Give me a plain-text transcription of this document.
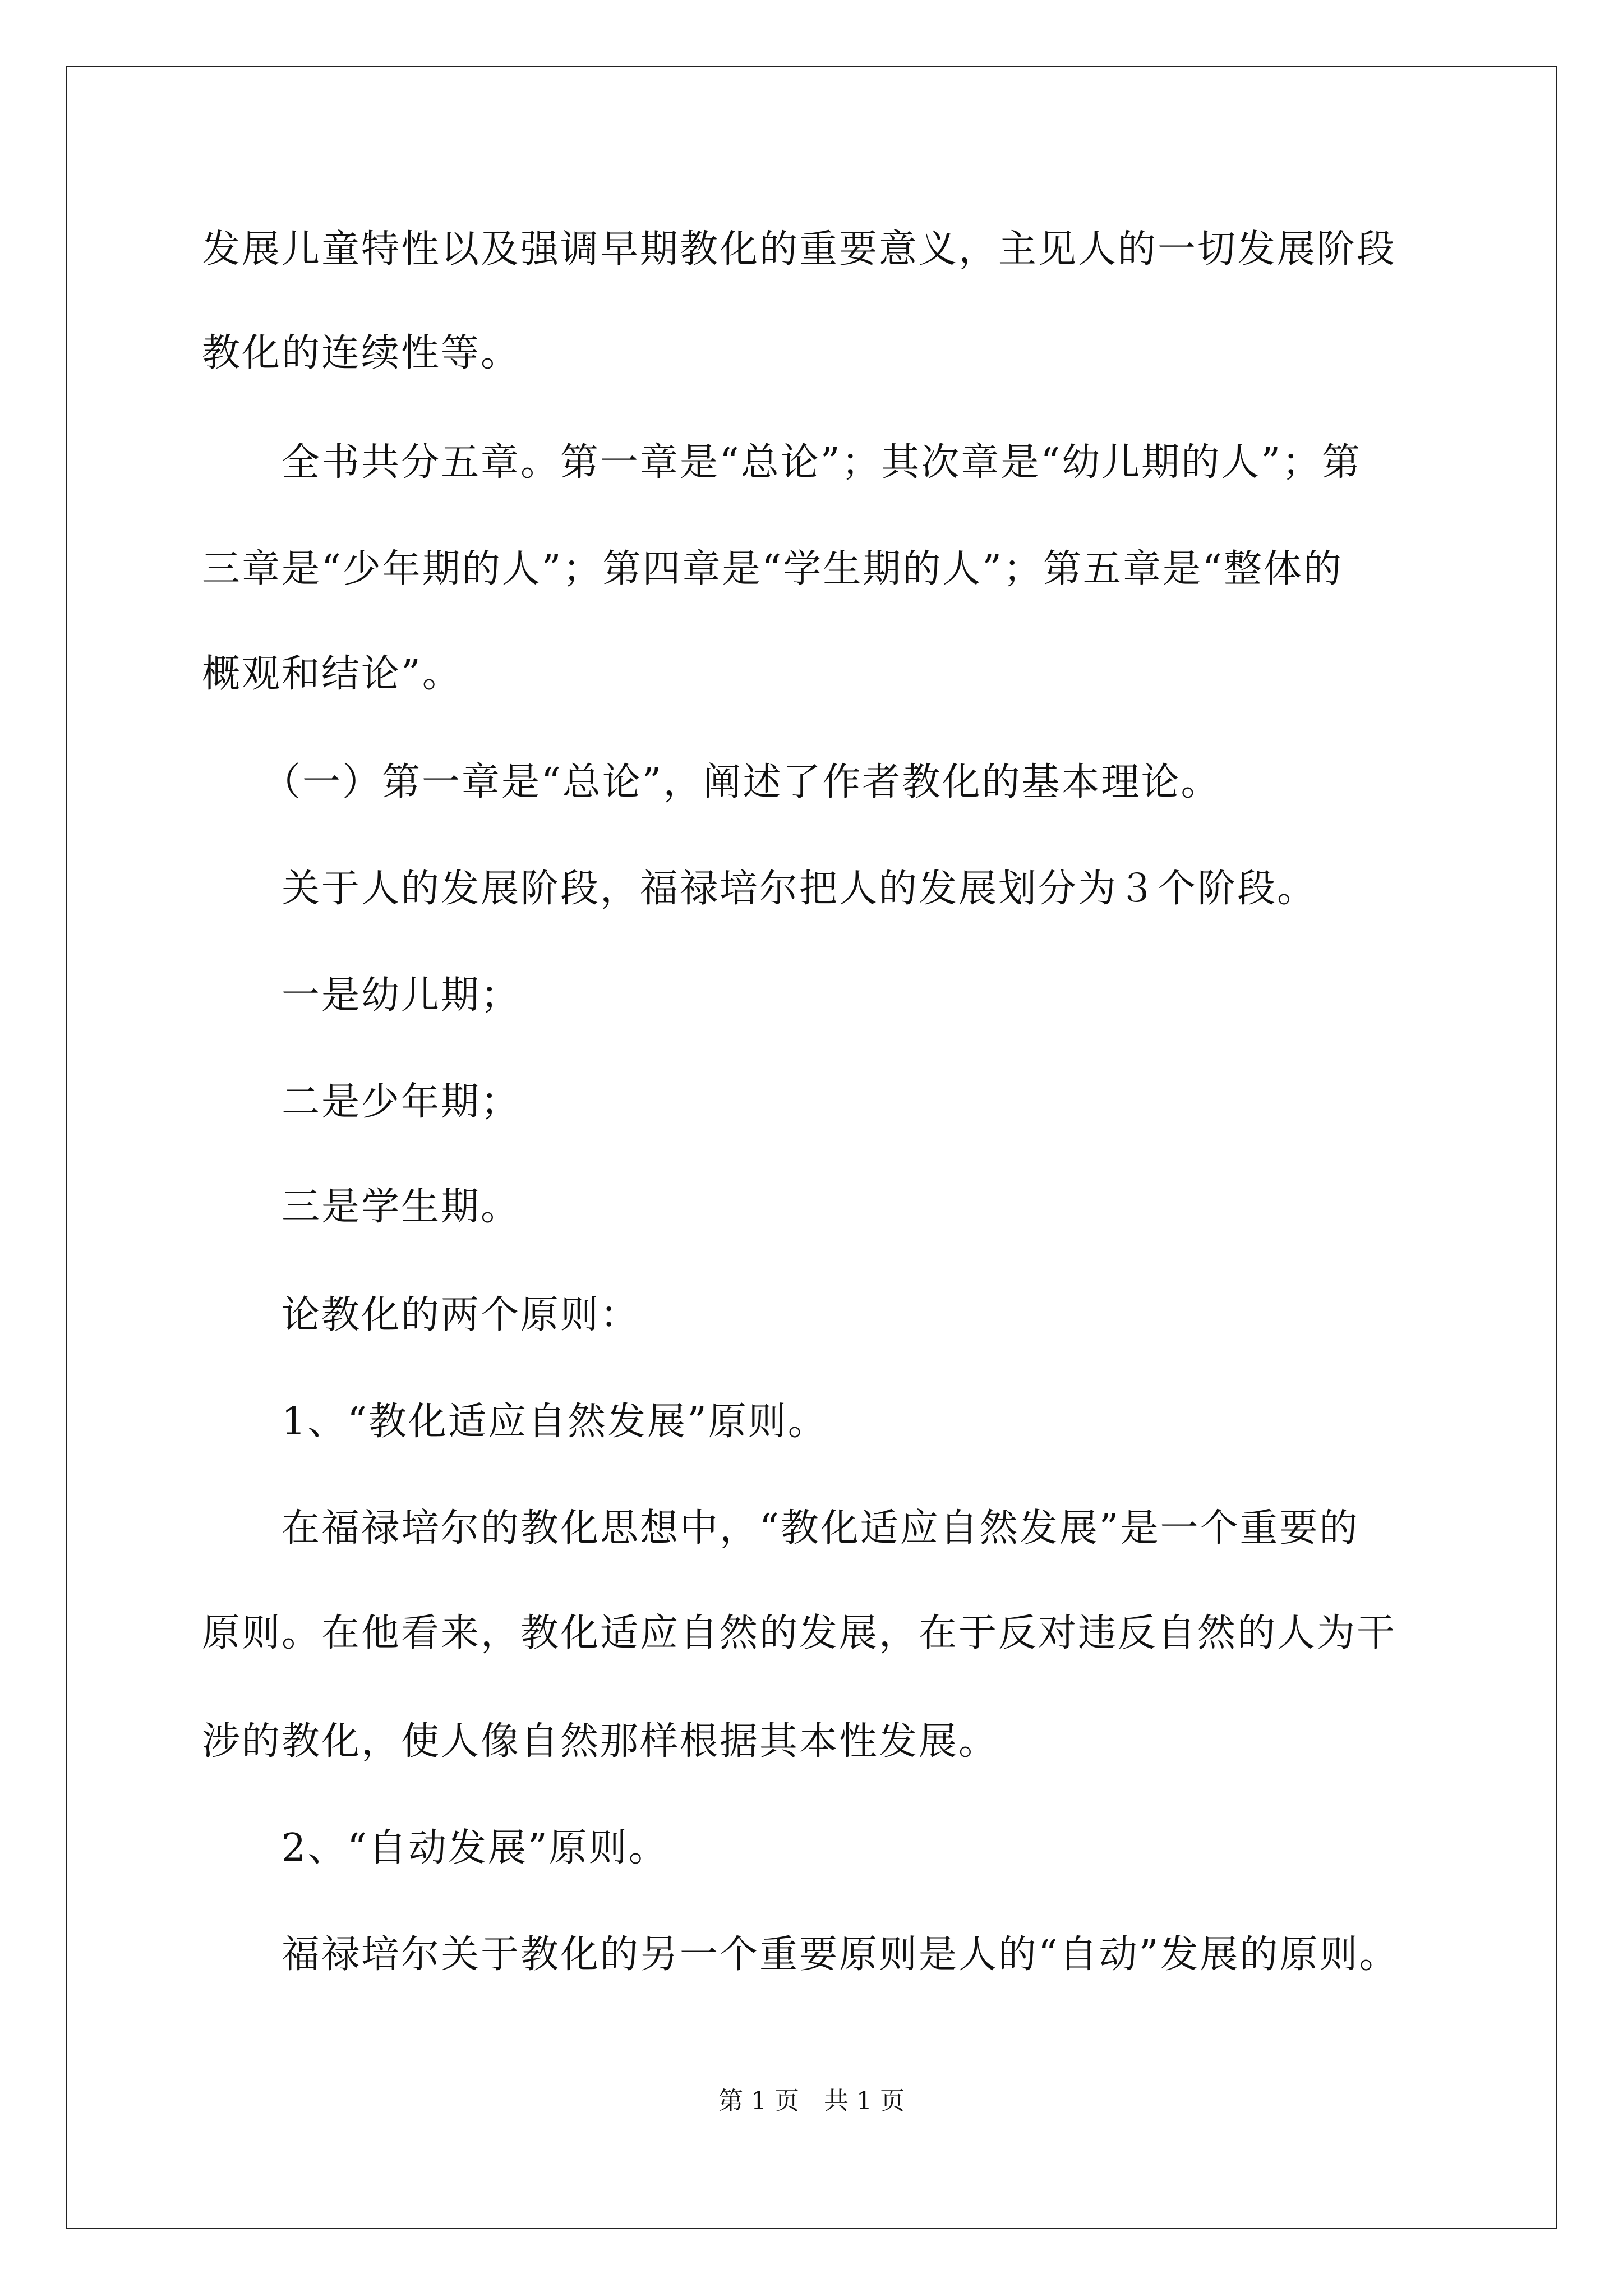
发展儿童特性以及强调早期教化的重要意义，主见人的一切发展阶段
教化的连续性等。
　　全书共分五章。第一章是“总论”；其次章是“幼儿期的人”；第
三章是“少年期的人”；第四章是“学生期的人”；第五章是“整体的
概观和结论”。
　　（一）第一章是“总论”，阐述了作者教化的基本理论。
　　关于人的发展阶段，福禄培尔把人的发展划分为３个阶段。
　　一是幼儿期；
　　二是少年期；
　　三是学生期。
　　论教化的两个原则：
　　1、“教化适应自然发展”原则。
　　在福禄培尔的教化思想中，“教化适应自然发展”是一个重要的
原则。在他看来，教化适应自然的发展，在于反对违反自然的人为干
涉的教化，使人像自然那样根据其本性发展。
　　2、“自动发展”原则。
　　福禄培尔关于教化的另一个重要原则是人的“自动”发展的原则。
第 1 页　共 1 页
